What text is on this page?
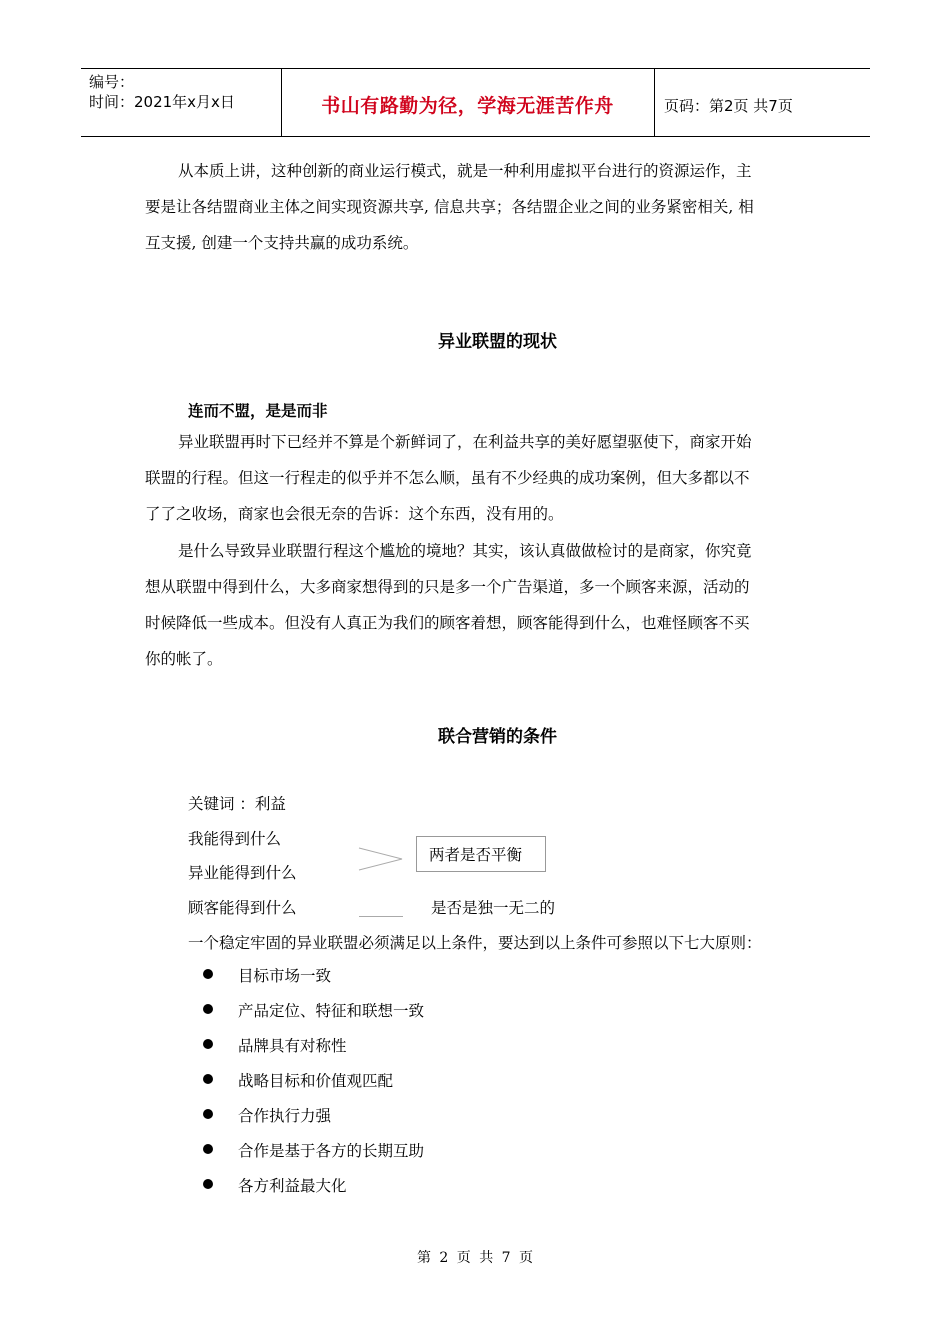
编号：
时间：2021年x月x日	书山有路勤为径，学海无涯苦作舟	页码：第2页 共7页
从本质上讲，这种创新的商业运行模式，就是一种利用虚拟平台进行的资源运作，主
要是让各结盟商业主体之间实现资源共享, 信息共享；各结盟企业之间的业务紧密相关, 相
互支援, 创建一个支持共赢的成功系统。
异业联盟的现状
连而不盟，是是而非
异业联盟再时下已经并不算是个新鲜词了，在利益共享的美好愿望驱使下，商家开始
联盟的行程。但这一行程走的似乎并不怎么顺，虽有不少经典的成功案例，但大多都以不
了了之收场，商家也会很无奈的告诉：这个东西，没有用的。
是什么导致异业联盟行程这个尴尬的境地？其实，该认真做做检讨的是商家，你究竟
想从联盟中得到什么，大多商家想得到的只是多一个广告渠道，多一个顾客来源，活动的
时候降低一些成本。但没有人真正为我们的顾客着想，顾客能得到什么，也难怪顾客不买
你的帐了。
联合营销的条件
关键词 ：利益
我能得到什么
异业能得到什么
顾客能得到什么
两者是否平衡
是否是独一无二的
一个稳定牢固的异业联盟必须满足以上条件，要达到以上条件可参照以下七大原则：
目标市场一致
产品定位、特征和联想一致
品牌具有对称性
战略目标和价值观匹配
合作执行力强
合作是基于各方的长期互助
各方利益最大化
第 2 页 共 7 页
